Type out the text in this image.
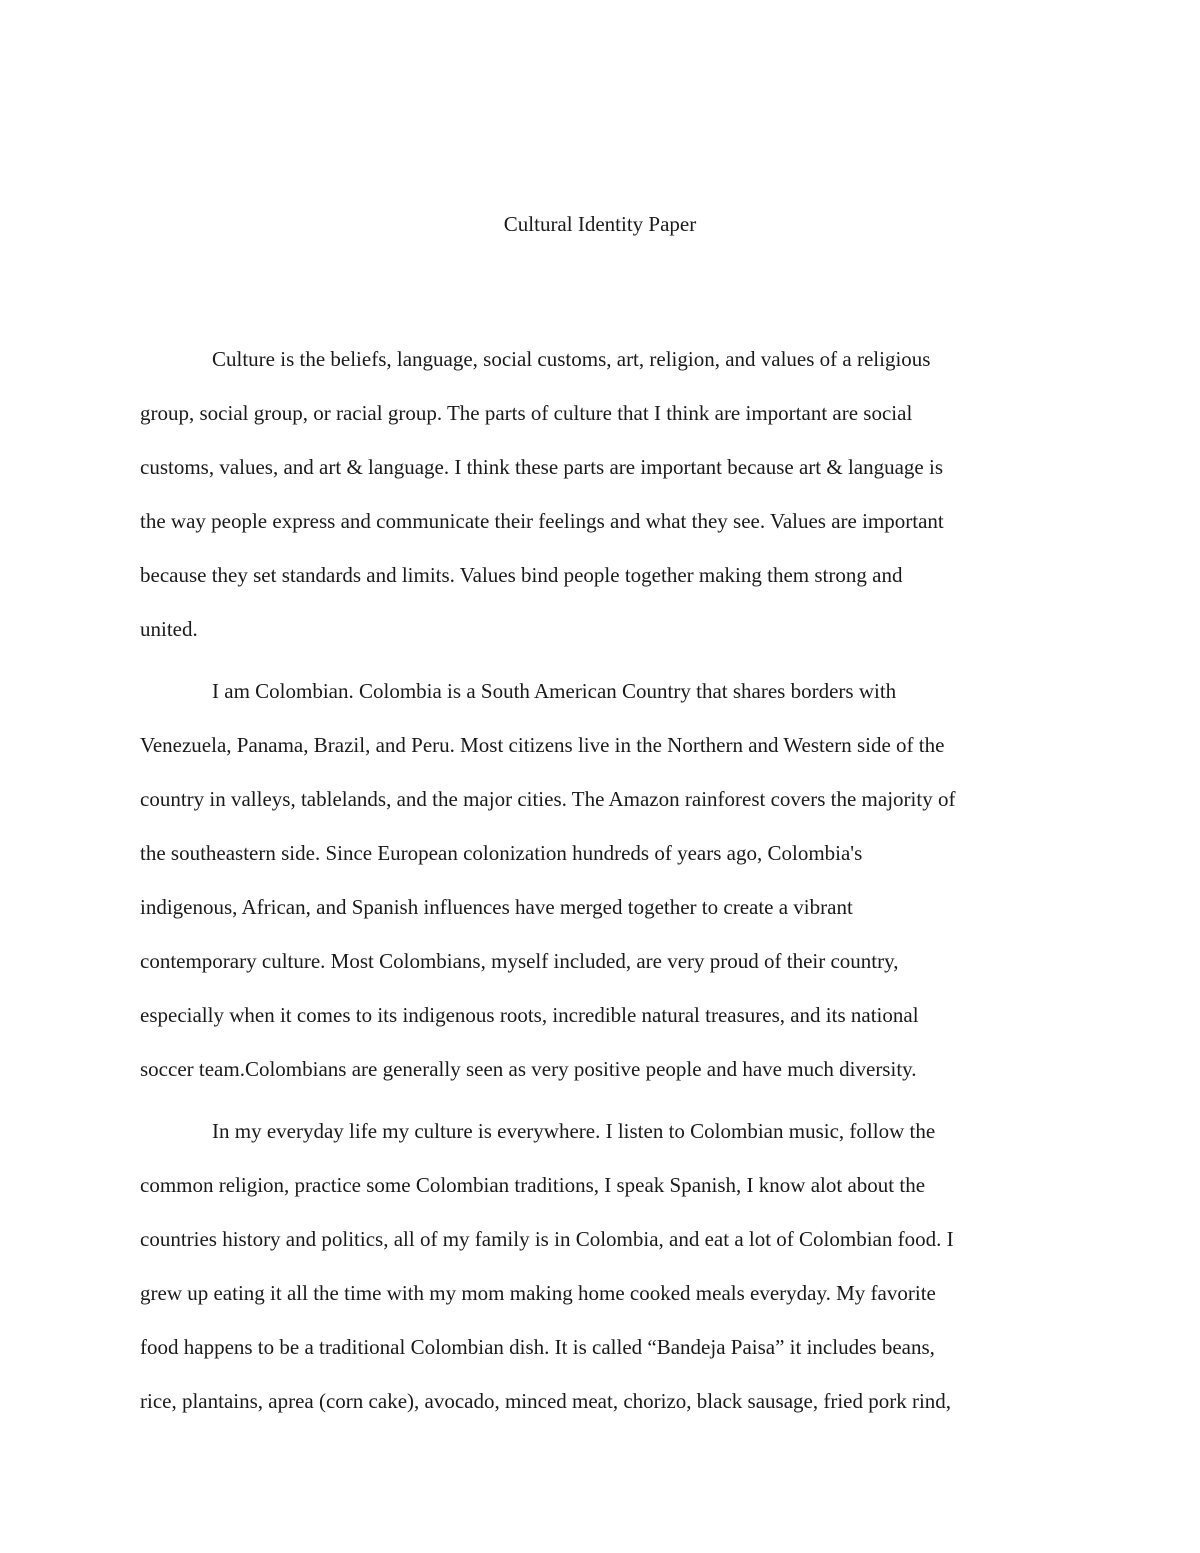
Cultural Identity Paper
Culture is the beliefs, language, social customs, art, religion, and values of a religious
group, social group, or racial group. The parts of culture that I think are important are social
customs, values, and art & language. I think these parts are important because art & language is
the way people express and communicate their feelings and what they see. Values are important
because they set standards and limits. Values bind people together making them strong and
united.
I am Colombian. Colombia is a South American Country that shares borders with
Venezuela, Panama, Brazil, and Peru. Most citizens live in the Northern and Western side of the
country in valleys, tablelands, and the major cities. The Amazon rainforest covers the majority of
the southeastern side. Since European colonization hundreds of years ago, Colombia's
indigenous, African, and Spanish influences have merged together to create a vibrant
contemporary culture. Most Colombians, myself included, are very proud of their country,
especially when it comes to its indigenous roots, incredible natural treasures, and its national
soccer team.Colombians are generally seen as very positive people and have much diversity.
In my everyday life my culture is everywhere. I listen to Colombian music, follow the
common religion, practice some Colombian traditions, I speak Spanish, I know alot about the
countries history and politics, all of my family is in Colombia, and eat a lot of Colombian food. I
grew up eating it all the time with my mom making home cooked meals everyday. My favorite
food happens to be a traditional Colombian dish. It is called “Bandeja Paisa” it includes beans,
rice, plantains, aprea (corn cake), avocado, minced meat, chorizo, black sausage, fried pork rind,
